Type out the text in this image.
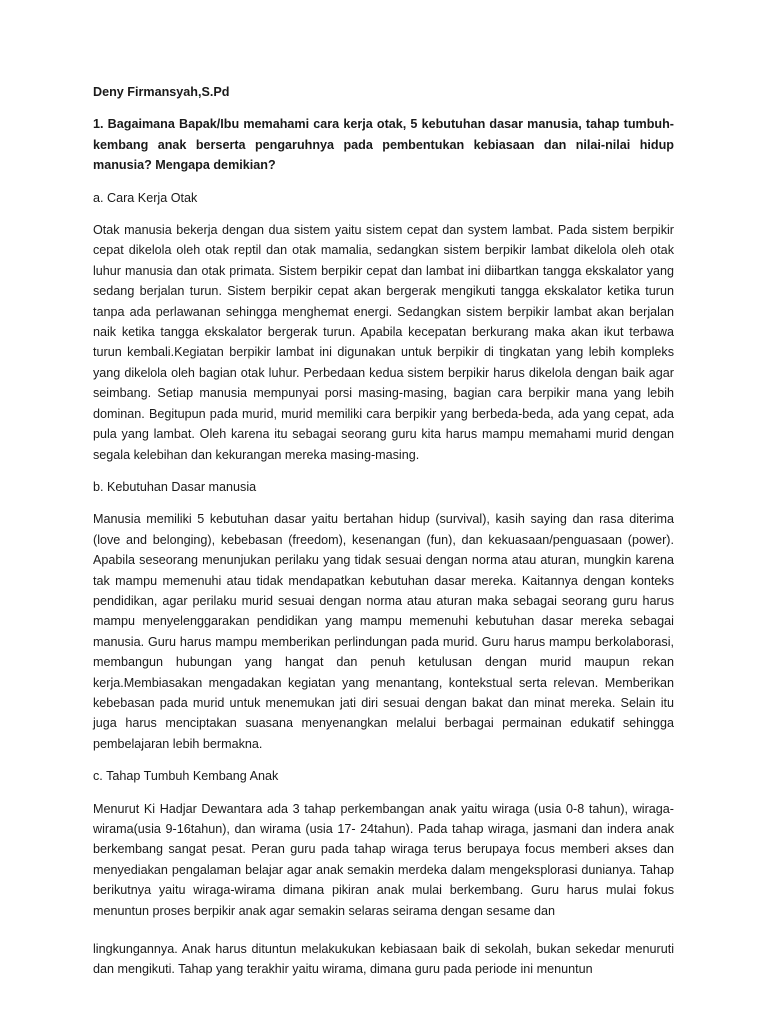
Deny Firmansyah,S.Pd

1. Bagaimana Bapak/Ibu memahami cara kerja otak, 5 kebutuhan dasar manusia, tahap tumbuh-kembang anak berserta pengaruhnya pada pembentukan kebiasaan dan nilai-nilai hidup manusia? Mengapa demikian?

a. Cara Kerja Otak

Otak manusia bekerja dengan dua sistem yaitu sistem cepat dan system lambat. Pada sistem berpikir cepat dikelola oleh otak reptil dan otak mamalia, sedangkan sistem berpikir lambat dikelola oleh otak luhur manusia dan otak primata. Sistem berpikir cepat dan lambat ini diibartkan tangga ekskalator yang sedang berjalan turun. Sistem berpikir cepat akan bergerak mengikuti tangga ekskalator ketika turun tanpa ada perlawanan sehingga menghemat energi. Sedangkan sistem berpikir lambat akan berjalan naik ketika tangga ekskalator bergerak turun. Apabila kecepatan berkurang maka akan ikut terbawa turun kembali.Kegiatan berpikir lambat ini digunakan untuk berpikir di tingkatan yang lebih kompleks yang dikelola oleh bagian otak luhur. Perbedaan kedua sistem berpikir harus dikelola dengan baik agar seimbang. Setiap manusia mempunyai porsi masing-masing, bagian cara berpikir mana yang lebih dominan. Begitupun pada murid, murid memiliki cara berpikir yang berbeda-beda, ada yang cepat, ada pula yang lambat. Oleh karena itu sebagai seorang guru kita harus mampu memahami murid dengan segala kelebihan dan kekurangan mereka masing-masing.

b. Kebutuhan Dasar manusia

Manusia memiliki 5 kebutuhan dasar yaitu bertahan hidup (survival), kasih saying dan rasa diterima (love and belonging), kebebasan (freedom), kesenangan (fun), dan kekuasaan/penguasaan (power). Apabila seseorang menunjukan perilaku yang tidak sesuai dengan norma atau aturan, mungkin karena tak mampu memenuhi atau tidak mendapatkan kebutuhan dasar mereka. Kaitannya dengan konteks pendidikan, agar perilaku murid sesuai dengan norma atau aturan maka sebagai seorang guru harus mampu menyelenggarakan pendidikan yang mampu memenuhi kebutuhan dasar mereka sebagai manusia. Guru harus mampu memberikan perlindungan pada murid. Guru harus mampu berkolaborasi, membangun hubungan yang hangat dan penuh ketulusan dengan murid maupun rekan kerja.Membiasakan mengadakan kegiatan yang menantang, kontekstual serta relevan. Memberikan kebebasan pada murid untuk menemukan jati diri sesuai dengan bakat dan minat mereka. Selain itu juga harus menciptakan suasana menyenangkan melalui berbagai permainan edukatif sehingga pembelajaran lebih bermakna.

c. Tahap Tumbuh Kembang Anak

Menurut Ki Hadjar Dewantara ada 3 tahap perkembangan anak yaitu wiraga (usia 0-8 tahun), wiraga-wirama(usia 9-16tahun), dan wirama (usia 17- 24tahun). Pada tahap wiraga, jasmani dan indera anak berkembang sangat pesat. Peran guru pada tahap wiraga terus berupaya focus memberi akses dan menyediakan pengalaman belajar agar anak semakin merdeka dalam mengeksplorasi dunianya. Tahap berikutnya yaitu wiraga-wirama dimana pikiran anak mulai berkembang. Guru harus mulai fokus menuntun proses berpikir anak agar semakin selaras seirama dengan sesame dan

lingkungannya. Anak harus dituntun melakukukan kebiasaan baik di sekolah, bukan sekedar menuruti dan mengikuti. Tahap yang terakhir yaitu wirama, dimana guru pada periode ini menuntun
